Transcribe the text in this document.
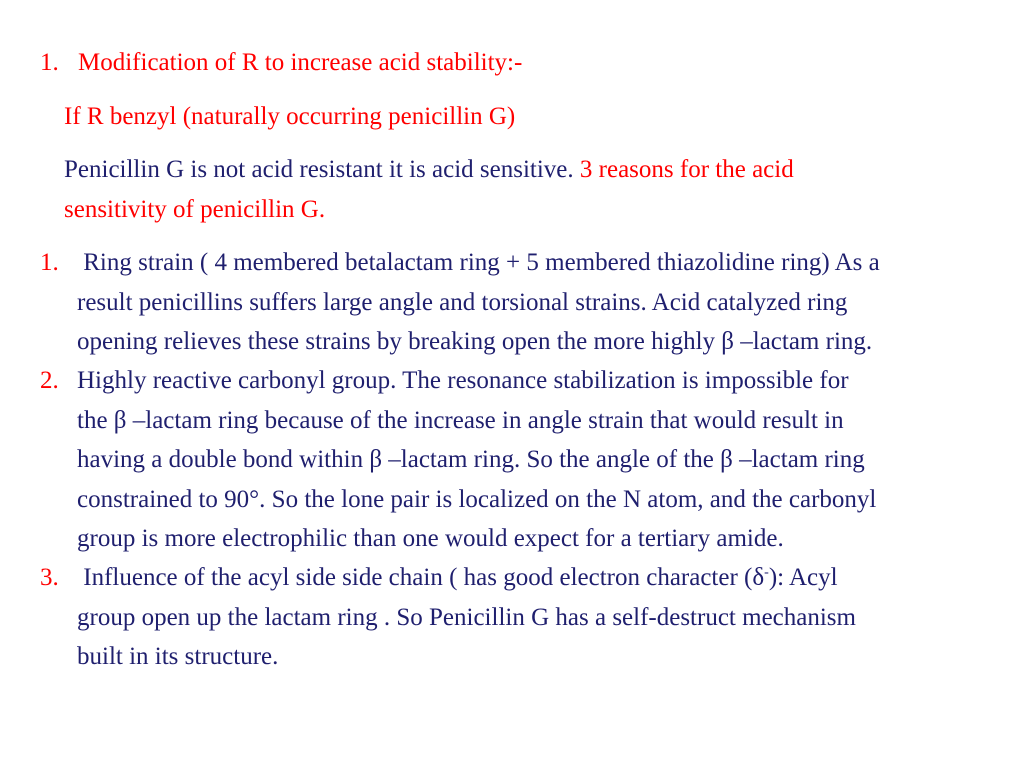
1. Modification of R to increase acid stability:-
If R benzyl (naturally occurring penicillin G)
Penicillin G is not acid resistant it is acid sensitive. 3 reasons for the acid
sensitivity of penicillin G.
1. Ring strain ( 4 membered betalactam ring + 5 membered thiazolidine ring) As a
result penicillins suffers large angle and torsional strains. Acid catalyzed ring
opening relieves these strains by breaking open the more highly β –lactam ring.
2. Highly reactive carbonyl group. The resonance stabilization is impossible for
the β –lactam ring because of the increase in angle strain that would result in
having a double bond within β –lactam ring. So the angle of the β –lactam ring
constrained to 90°. So the lone pair is localized on the N atom, and the carbonyl
group is more electrophilic than one would expect for a tertiary amide.
3. Influence of the acyl side side chain ( has good electron character (δ-): Acyl
group open up the lactam ring . So Penicillin G has a self-destruct mechanism
built in its structure.
